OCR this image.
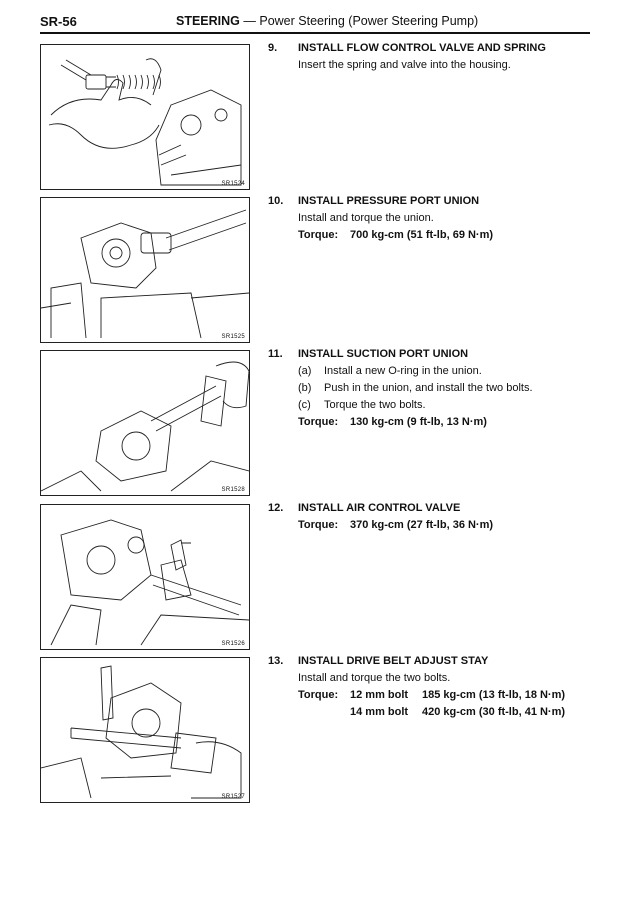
SR-56	STEERING — Power Steering (Power Steering Pump)
SR1524
SR1525
SR1528
SR1526
SR1527
9. INSTALL FLOW CONTROL VALVE AND SPRING
Insert the spring and valve into the housing.
10. INSTALL PRESSURE PORT UNION
Install and torque the union.
Torque: 700 kg-cm (51 ft-lb, 69 N·m)
11. INSTALL SUCTION PORT UNION
(a)	Install a new O-ring in the union.
(b)	Push in the union, and install the two bolts.
(c)	Torque the two bolts.
Torque: 130 kg-cm (9 ft-lb, 13 N·m)
12. INSTALL AIR CONTROL VALVE
Torque: 370 kg-cm (27 ft-lb, 36 N·m)
13. INSTALL DRIVE BELT ADJUST STAY
Install and torque the two bolts.
Torque:	12 mm bolt	185 kg-cm (13 ft-lb, 18 N·m)
14 mm bolt	420 kg-cm (30 ft-lb, 41 N·m)
